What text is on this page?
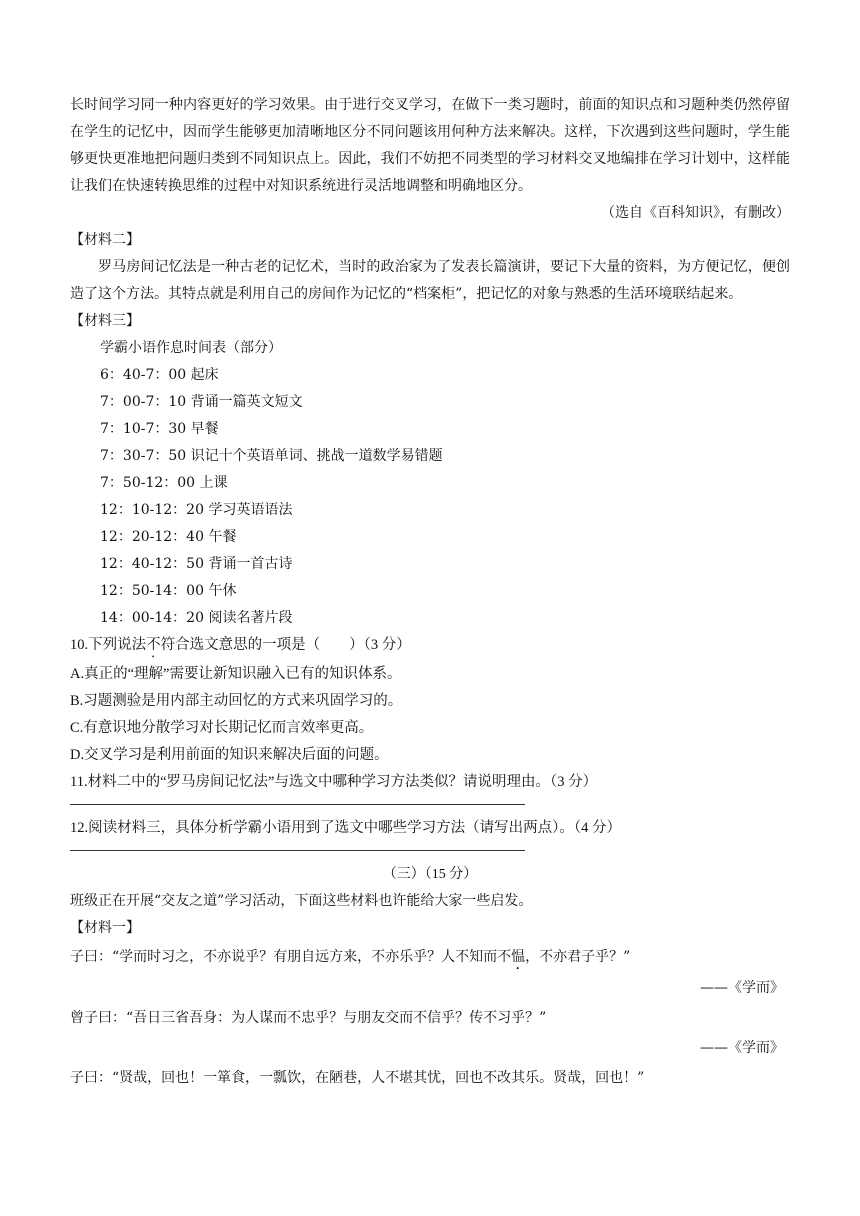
长时间学习同一种内容更好的学习效果。由于进行交叉学习，在做下一类习题时，前面的知识点和习题种类仍然停留在学生的记忆中，因而学生能够更加清晰地区分不同问题该用何种方法来解决。这样，下次遇到这些问题时，学生能够更快更准地把问题归类到不同知识点上。因此，我们不妨把不同类型的学习材料交叉地编排在学习计划中，这样能让我们在快速转换思维的过程中对知识系统进行灵活地调整和明确地区分。

（选自《百科知识》，有删改）

【材料二】

罗马房间记忆法是一种古老的记忆术，当时的政治家为了发表长篇演讲，要记下大量的资料，为方便记忆，便创造了这个方法。其特点就是利用自己的房间作为记忆的“档案柜”，把记忆的对象与熟悉的生活环境联结起来。

【材料三】

学霸小语作息时间表（部分）

6：40-7：00 起床

7：00-7：10 背诵一篇英文短文

7：10-7：30 早餐

7：30-7：50 识记十个英语单词、挑战一道数学易错题

7：50-12：00 上课

12：10-12：20 学习英语语法

12：20-12：40 午餐

12：40-12：50 背诵一首古诗

12：50-14：00 午休

14：00-14：20 阅读名著片段

10.下列说法不符合选文意思的一项是（　　）（3 分）

A.真正的“理解”需要让新知识融入已有的知识体系。

B.习题测验是用内部主动回忆的方式来巩固学习的。

C.有意识地分散学习对长期记忆而言效率更高。

D.交叉学习是利用前面的知识来解决后面的问题。

11.材料二中的“罗马房间记忆法”与选文中哪种学习方法类似？请说明理由。（3 分）

12.阅读材料三，具体分析学霸小语用到了选文中哪些学习方法（请写出两点）。（4 分）

（三）（15 分）

班级正在开展“交友之道”学习活动，下面这些材料也许能给大家一些启发。

【材料一】

子曰：“学而时习之，不亦说乎？有朋自远方来，不亦乐乎？人不知而不愠，不亦君子乎？”

——《学而》

曾子曰：“吾日三省吾身：为人谋而不忠乎？与朋友交而不信乎？传不习乎？”

——《学而》

子曰：“贤哉，回也！一箪食，一瓢饮，在陋巷，人不堪其忧，回也不改其乐。贤哉，回也！”
